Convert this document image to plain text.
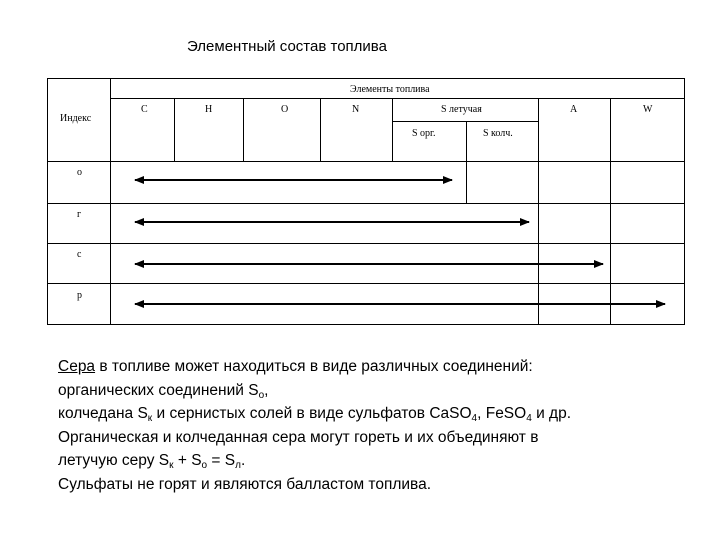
Элементный состав топлива
Элементы топлива
Индекс
C	H	O	N	S летучая	A	W
S орг.	S колч.
о
г
с
р

Сера в топливе может находиться в виде различных соединений:

органических соединений $S_о$,

колчедана $S_к$ и сернистых солей в виде сульфатов CaSO$_4$, FeSO$_4$ и др.

Органическая и колчеданная сера могут гореть и их объединяют в

летучую серу $S_к + S_о = S_л$.

Сульфаты не горят и являются балластом топлива.
